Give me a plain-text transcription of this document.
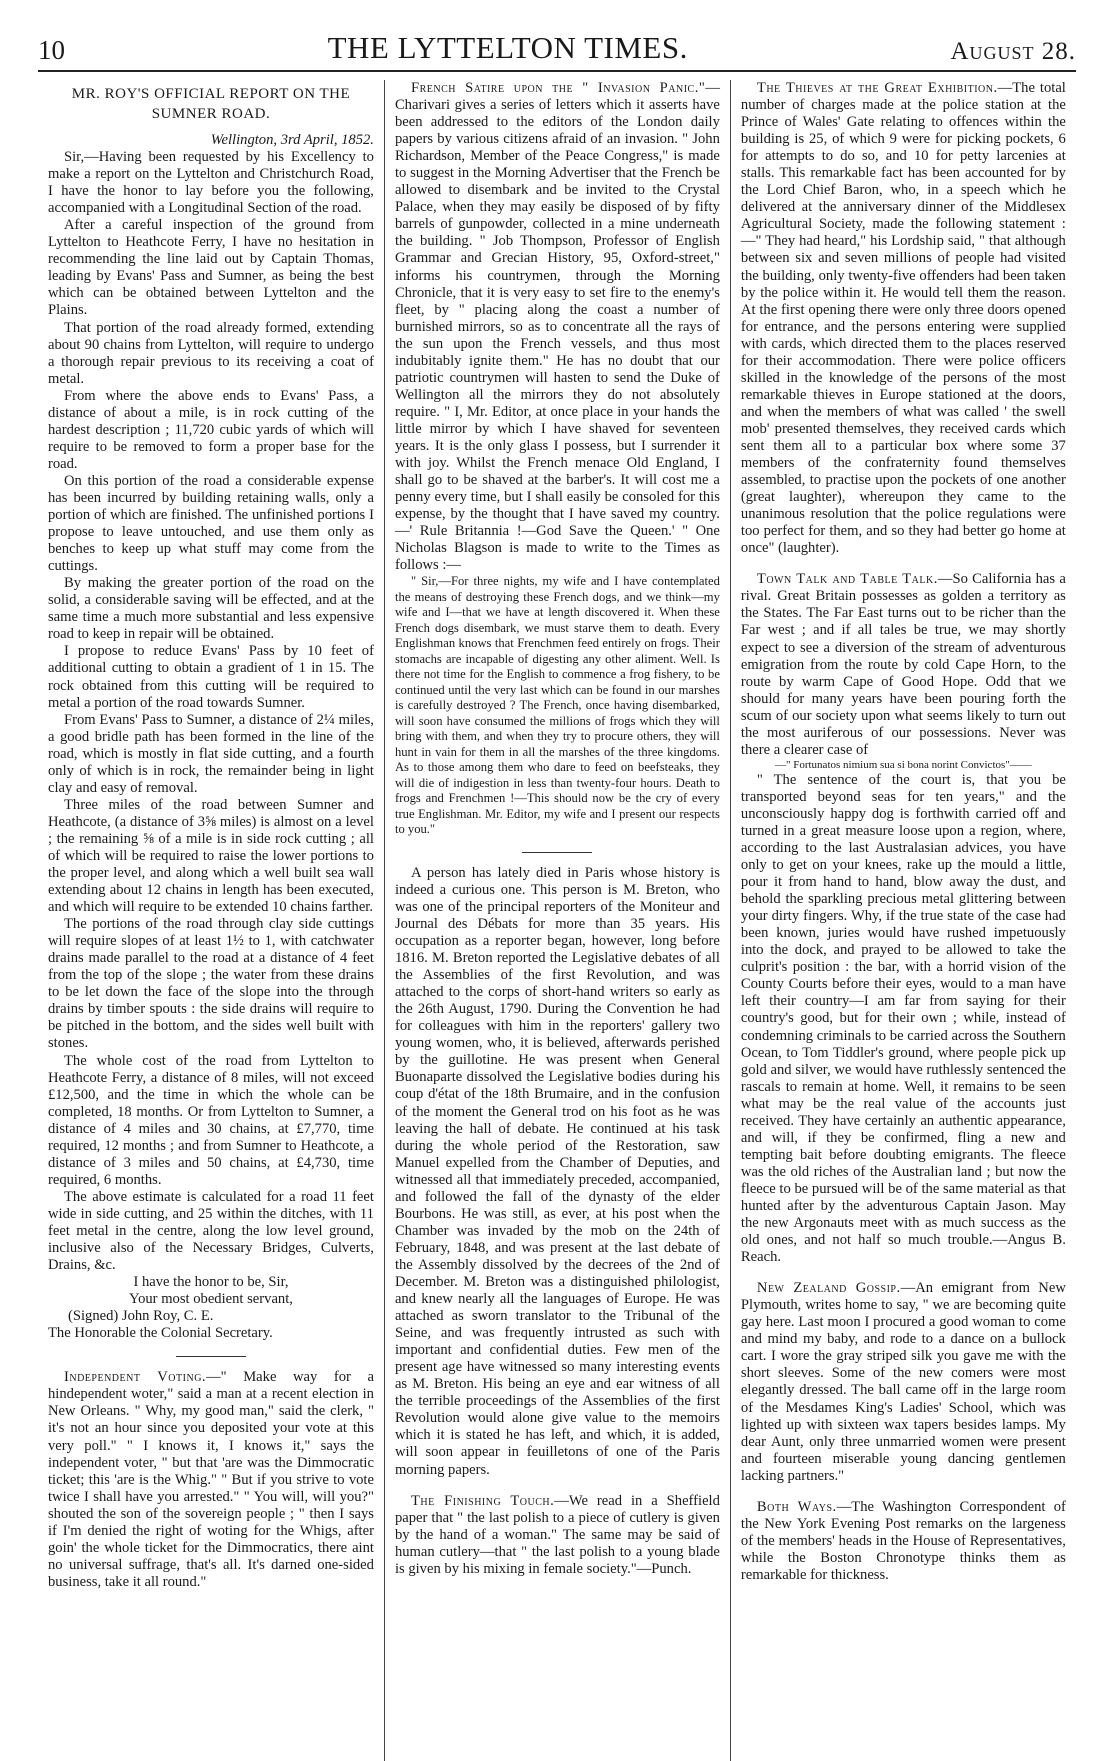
10	THE LYTTELTON TIMES.	August 28.
MR. ROY'S OFFICIAL REPORT ON THE SUMNER ROAD.

Wellington, 3rd April, 1852.

Sir,—Having been requested by his Excellency to make a report on the Lyttelton and Christchurch Road, I have the honor to lay before you the following, accompanied with a Longitudinal Section of the road.

After a careful inspection of the ground from Lyttelton to Heathcote Ferry, I have no hesitation in recommending the line laid out by Captain Thomas, leading by Evans' Pass and Sumner, as being the best which can be obtained between Lyttelton and the Plains.

That portion of the road already formed, extending about 90 chains from Lyttelton, will require to undergo a thorough repair previous to its receiving a coat of metal.

From where the above ends to Evans' Pass, a distance of about a mile, is in rock cutting of the hardest description ; 11,720 cubic yards of which will require to be removed to form a proper base for the road.

On this portion of the road a considerable expense has been incurred by building retaining walls, only a portion of which are finished. The unfinished portions I propose to leave untouched, and use them only as benches to keep up what stuff may come from the cuttings.

By making the greater portion of the road on the solid, a considerable saving will be effected, and at the same time a much more substantial and less expensive road to keep in repair will be obtained.

I propose to reduce Evans' Pass by 10 feet of additional cutting to obtain a gradient of 1 in 15. The rock obtained from this cutting will be required to metal a portion of the road towards Sumner.

From Evans' Pass to Sumner, a distance of 2¼ miles, a good bridle path has been formed in the line of the road, which is mostly in flat side cutting, and a fourth only of which is in rock, the remainder being in light clay and easy of removal.

Three miles of the road between Sumner and Heathcote, (a distance of 3⅝ miles) is almost on a level ; the remaining ⅝ of a mile is in side rock cutting ; all of which will be required to raise the lower portions to the proper level, and along which a well built sea wall extending about 12 chains in length has been executed, and which will require to be extended 10 chains farther.

The portions of the road through clay side cuttings will require slopes of at least 1½ to 1, with catchwater drains made parallel to the road at a distance of 4 feet from the top of the slope ; the water from these drains to be let down the face of the slope into the through drains by timber spouts : the side drains will require to be pitched in the bottom, and the sides well built with stones.

The whole cost of the road from Lyttelton to Heathcote Ferry, a distance of 8 miles, will not exceed £12,500, and the time in which the whole can be completed, 18 months. Or from Lyttelton to Sumner, a distance of 4 miles and 30 chains, at £7,770, time required, 12 months ; and from Sumner to Heathcote, a distance of 3 miles and 50 chains, at £4,730, time required, 6 months.

The above estimate is calculated for a road 11 feet wide in side cutting, and 25 within the ditches, with 11 feet metal in the centre, along the low level ground, inclusive also of the Necessary Bridges, Culverts, Drains, &c.

I have the honor to be, Sir,

Your most obedient servant,

(Signed) John Roy, C. E.

The Honorable the Colonial Secretary.

Independent Voting.—" Make way for a hindependent woter," said a man at a recent election in New Orleans. " Why, my good man," said the clerk, " it's not an hour since you deposited your vote at this very poll." " I knows it, I knows it," says the independent voter, " but that 'are was the Dimmocratic ticket; this 'are is the Whig." " But if you strive to vote twice I shall have you arrested." " You will, will you?" shouted the son of the sovereign people ; " then I says if I'm denied the right of woting for the Whigs, after goin' the whole ticket for the Dimmocratics, there aint no universal suffrage, that's all. It's darned one-sided business, take it all round."

French Satire upon the " Invasion Panic."—Charivari gives a series of letters which it asserts have been addressed to the editors of the London daily papers by various citizens afraid of an invasion. " John Richardson, Member of the Peace Congress," is made to suggest in the Morning Advertiser that the French be allowed to disembark and be invited to the Crystal Palace, when they may easily be disposed of by fifty barrels of gunpowder, collected in a mine underneath the building. " Job Thompson, Professor of English Grammar and Grecian History, 95, Oxford-street," informs his countrymen, through the Morning Chronicle, that it is very easy to set fire to the enemy's fleet, by " placing along the coast a number of burnished mirrors, so as to concentrate all the rays of the sun upon the French vessels, and thus most indubitably ignite them." He has no doubt that our patriotic countrymen will hasten to send the Duke of Wellington all the mirrors they do not absolutely require. " I, Mr. Editor, at once place in your hands the little mirror by which I have shaved for seventeen years. It is the only glass I possess, but I surrender it with joy. Whilst the French menace Old England, I shall go to be shaved at the barber's. It will cost me a penny every time, but I shall easily be consoled for this expense, by the thought that I have saved my country.—' Rule Britannia !—God Save the Queen.' " One Nicholas Blagson is made to write to the Times as follows :—

" Sir,—For three nights, my wife and I have contemplated the means of destroying these French dogs, and we think—my wife and I—that we have at length discovered it. When these French dogs disembark, we must starve them to death. Every Englishman knows that Frenchmen feed entirely on frogs. Their stomachs are incapable of digesting any other aliment. Well. Is there not time for the English to commence a frog fishery, to be continued until the very last which can be found in our marshes is carefully destroyed ? The French, once having disembarked, will soon have consumed the millions of frogs which they will bring with them, and when they try to procure others, they will hunt in vain for them in all the marshes of the three kingdoms. As to those among them who dare to feed on beefsteaks, they will die of indigestion in less than twenty-four hours. Death to frogs and Frenchmen !—This should now be the cry of every true Englishman. Mr. Editor, my wife and I present our respects to you."

A person has lately died in Paris whose history is indeed a curious one. This person is M. Breton, who was one of the principal reporters of the Moniteur and Journal des Débats for more than 35 years. His occupation as a reporter began, however, long before 1816. M. Breton reported the Legislative debates of all the Assemblies of the first Revolution, and was attached to the corps of short-hand writers so early as the 26th August, 1790. During the Convention he had for colleagues with him in the reporters' gallery two young women, who, it is believed, afterwards perished by the guillotine. He was present when General Buonaparte dissolved the Legislative bodies during his coup d'état of the 18th Brumaire, and in the confusion of the moment the General trod on his foot as he was leaving the hall of debate. He continued at his task during the whole period of the Restoration, saw Manuel expelled from the Chamber of Deputies, and witnessed all that immediately preceded, accompanied, and followed the fall of the dynasty of the elder Bourbons. He was still, as ever, at his post when the Chamber was invaded by the mob on the 24th of February, 1848, and was present at the last debate of the Assembly dissolved by the decrees of the 2nd of December. M. Breton was a distinguished philologist, and knew nearly all the languages of Europe. He was attached as sworn translator to the Tribunal of the Seine, and was frequently intrusted as such with important and confidential duties. Few men of the present age have witnessed so many interesting events as M. Breton. His being an eye and ear witness of all the terrible proceedings of the Assemblies of the first Revolution would alone give value to the memoirs which it is stated he has left, and which, it is added, will soon appear in feuilletons of one of the Paris morning papers.

The Finishing Touch.—We read in a Sheffield paper that " the last polish to a piece of cutlery is given by the hand of a woman." The same may be said of human cutlery—that " the last polish to a young blade is given by his mixing in female society."—Punch.

The Thieves at the Great Exhibition.—The total number of charges made at the police station at the Prince of Wales' Gate relating to offences within the building is 25, of which 9 were for picking pockets, 6 for attempts to do so, and 10 for petty larcenies at stalls. This remarkable fact has been accounted for by the Lord Chief Baron, who, in a speech which he delivered at the anniversary dinner of the Middlesex Agricultural Society, made the following statement :—" They had heard," his Lordship said, " that although between six and seven millions of people had visited the building, only twenty-five offenders had been taken by the police within it. He would tell them the reason. At the first opening there were only three doors opened for entrance, and the persons entering were supplied with cards, which directed them to the places reserved for their accommodation. There were police officers skilled in the knowledge of the persons of the most remarkable thieves in Europe stationed at the doors, and when the members of what was called ' the swell mob' presented themselves, they received cards which sent them all to a particular box where some 37 members of the confraternity found themselves assembled, to practise upon the pockets of one another (great laughter), whereupon they came to the unanimous resolution that the police regulations were too perfect for them, and so they had better go home at once" (laughter).

Town Talk and Table Talk.—So California has a rival. Great Britain possesses as golden a territory as the States. The Far East turns out to be richer than the Far west ; and if all tales be true, we may shortly expect to see a diversion of the stream of adventurous emigration from the route by cold Cape Horn, to the route by warm Cape of Good Hope. Odd that we should for many years have been pouring forth the scum of our society upon what seems likely to turn out the most auriferous of our possessions. Never was there a clearer case of

—" Fortunatos nimium sua si bona norint Convictos"——

" The sentence of the court is, that you be transported beyond seas for ten years," and the unconsciously happy dog is forthwith carried off and turned in a great measure loose upon a region, where, according to the last Australasian advices, you have only to get on your knees, rake up the mould a little, pour it from hand to hand, blow away the dust, and behold the sparkling precious metal glittering between your dirty fingers. Why, if the true state of the case had been known, juries would have rushed impetuously into the dock, and prayed to be allowed to take the culprit's position : the bar, with a horrid vision of the County Courts before their eyes, would to a man have left their country—I am far from saying for their country's good, but for their own ; while, instead of condemning criminals to be carried across the Southern Ocean, to Tom Tiddler's ground, where people pick up gold and silver, we would have ruthlessly sentenced the rascals to remain at home. Well, it remains to be seen what may be the real value of the accounts just received. They have certainly an authentic appearance, and will, if they be confirmed, fling a new and tempting bait before doubting emigrants. The fleece was the old riches of the Australian land ; but now the fleece to be pursued will be of the same material as that hunted after by the adventurous Captain Jason. May the new Argonauts meet with as much success as the old ones, and not half so much trouble.—Angus B. Reach.

New Zealand Gossip.—An emigrant from New Plymouth, writes home to say, " we are becoming quite gay here. Last moon I procured a good woman to come and mind my baby, and rode to a dance on a bullock cart. I wore the gray striped silk you gave me with the short sleeves. Some of the new comers were most elegantly dressed. The ball came off in the large room of the Mesdames King's Ladies' School, which was lighted up with sixteen wax tapers besides lamps. My dear Aunt, only three unmarried women were present and fourteen miserable young dancing gentlemen lacking partners."

Both Ways.—The Washington Correspondent of the New York Evening Post remarks on the largeness of the members' heads in the House of Representatives, while the Boston Chronotype thinks them as remarkable for thickness.
